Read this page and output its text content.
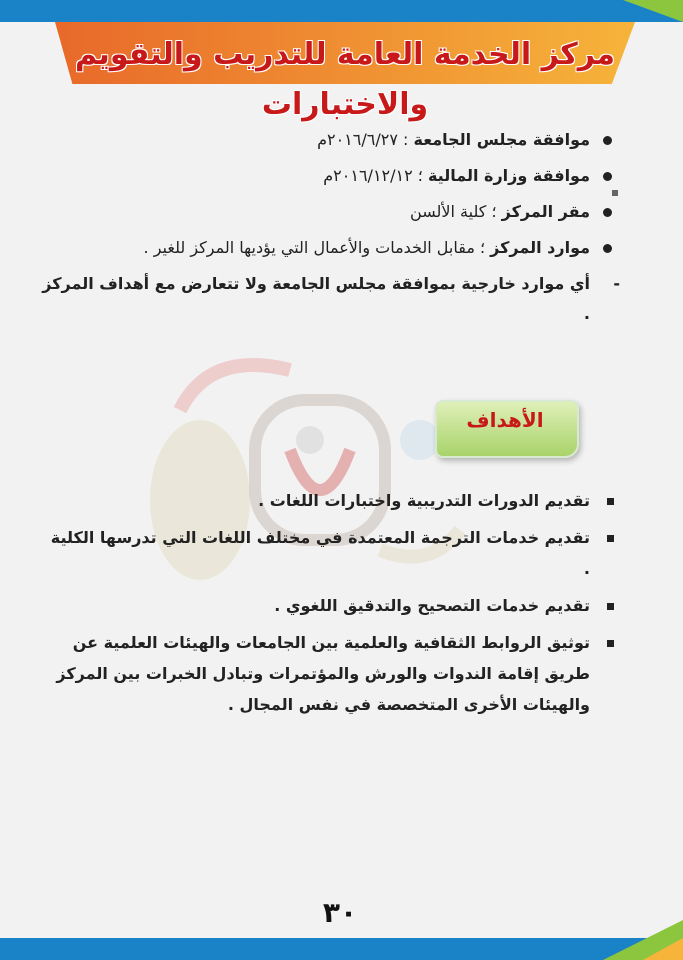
مركز الخدمة العامة للتدريب والتقويم والاختبارات
موافقة مجلس الجامعة : ٢٠١٦/٦/٢٧م
موافقة وزارة المالية ؛ ٢٠١٦/١٢/١٢م
مقر المركز ؛ كلية الألسن
موارد المركز ؛ مقابل الخدمات والأعمال التي يؤديها المركز للغير .
- أي موارد خارجية بموافقة مجلس الجامعة ولا تتعارض مع أهداف المركز .
الأهداف
تقديم الدورات التدريبية واختبارات اللغات .
تقديم خدمات الترجمة المعتمدة في مختلف اللغات التي تدرسها الكلية .
تقديم خدمات التصحيح والتدقيق اللغوي .
توثيق الروابط الثقافية والعلمية بين الجامعات والهيئات العلمية عن طريق إقامة الندوات والورش والمؤتمرات وتبادل الخبرات بين المركز والهيئات الأخرى المتخصصة في نفس المجال .
٣٠
